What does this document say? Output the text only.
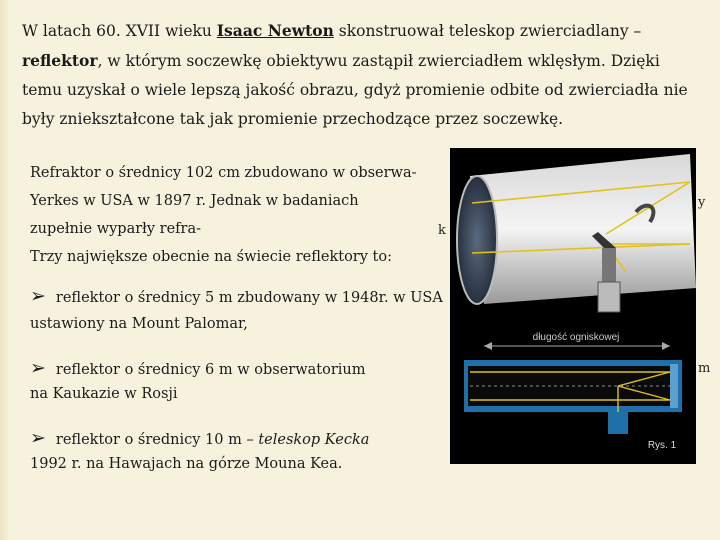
W latach 60. XVII wieku Isaac Newton skonstruował teleskop zwierciadlany – reflektor, w którym soczewkę obiektywu zastąpił zwierciadłem wklęsłym. Dzięki temu uzyskał o wiele lepszą jakość obrazu, gdyż promienie odbite od zwierciadła nie były zniekształcone tak jak promienie przechodzące przez soczewkę.

Refraktor o średnicy 102 cm zbudowano w obserwa-
Yerkes w USA w 1897 r. Jednak w badaniach
zupełnie wyparły refra-
Trzy największe obecnie na świecie reflektory to:
➢ reflektor o średnicy 5 m zbudowany w 1948r. w USA
ustawiony na Mount Palomar,
➢ reflektor o średnicy 6 m w obserwatorium
na Kaukazie w Rosji
➢ reflektor o średnicy 10 m – teleskop Kecka
1992 r. na Hawajach na górze Mouna Kea.
y
k
m
długość ogniskowej
Rys. 1
